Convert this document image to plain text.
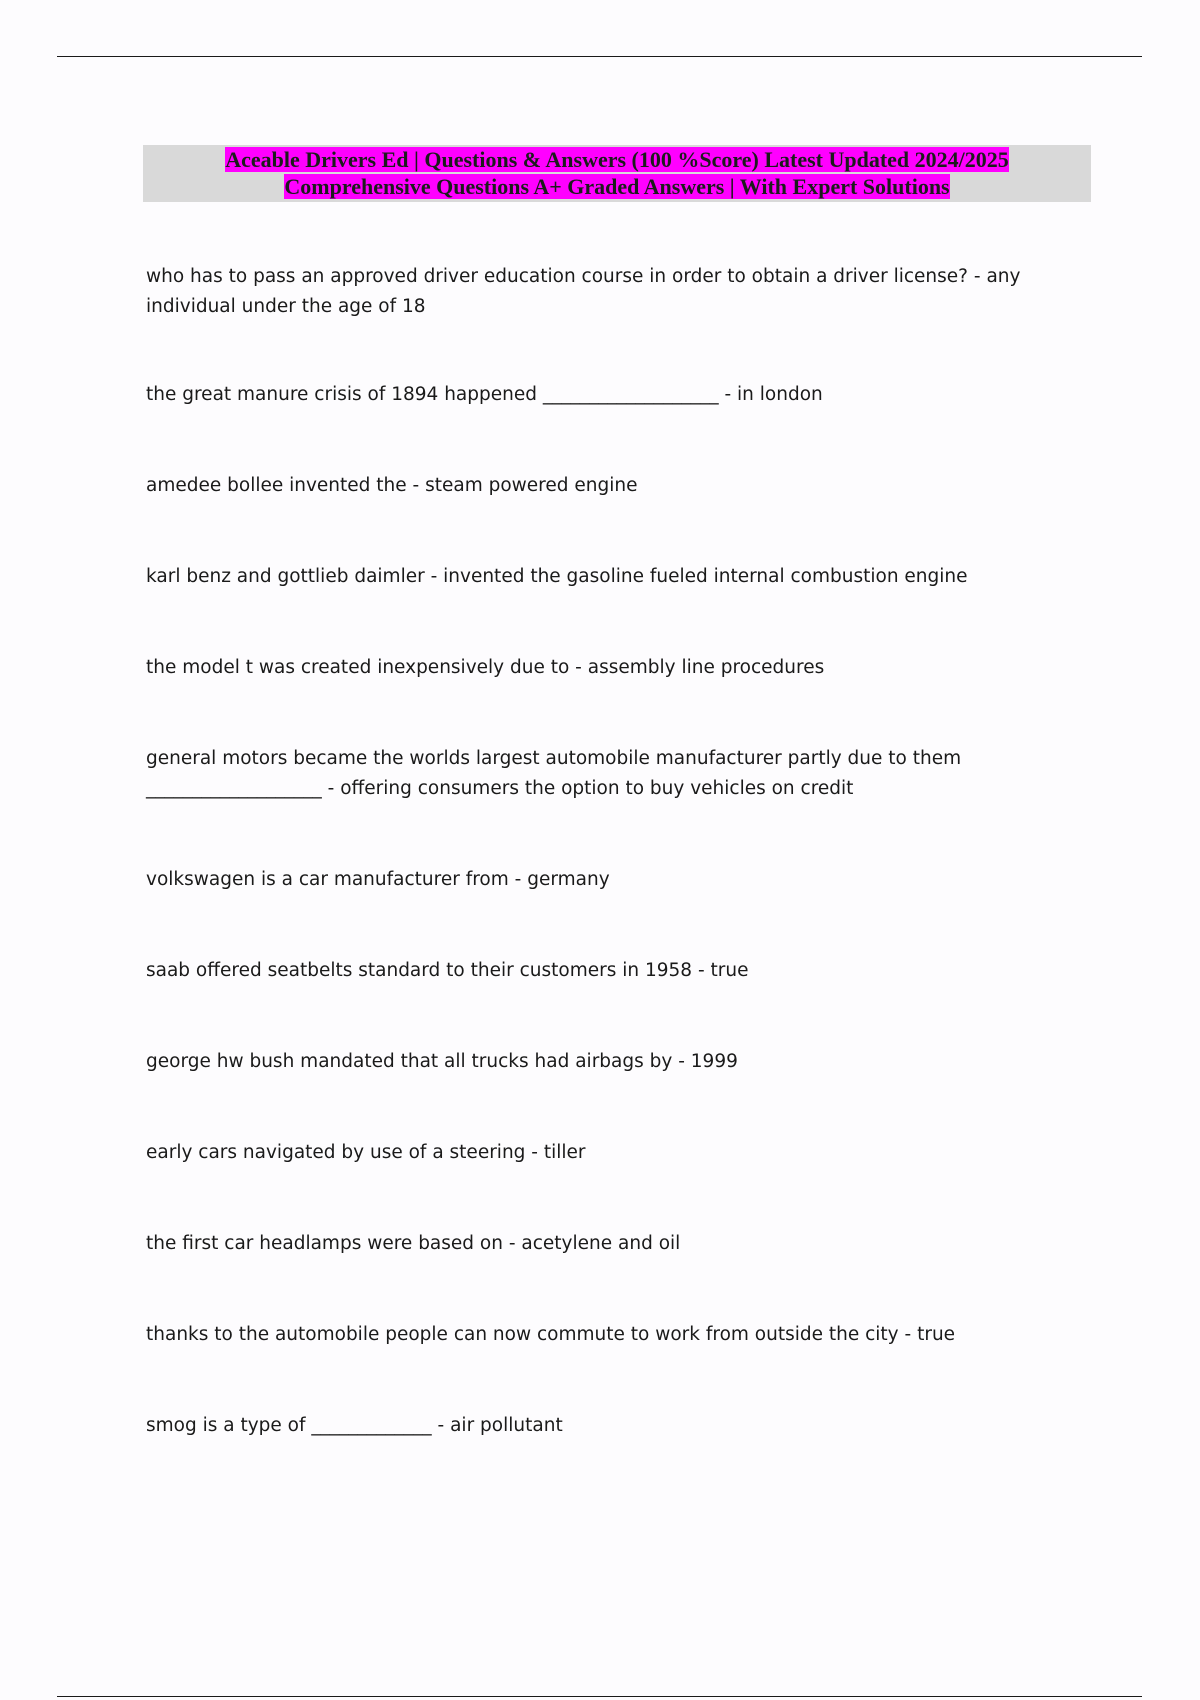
Aceable Drivers Ed | Questions & Answers (100 %Score) Latest Updated 2024/2025
Comprehensive Questions A+ Graded Answers | With Expert Solutions
who has to pass an approved driver education course in order to obtain a driver license? - any individual under the age of 18
the great manure crisis of 1894 happened ___________________ - in london
amedee bollee invented the - steam powered engine
karl benz and gottlieb daimler - invented the gasoline fueled internal combustion engine
the model t was created inexpensively due to - assembly line procedures
general motors became the worlds largest automobile manufacturer partly due to them ___________________ - offering consumers the option to buy vehicles on credit
volkswagen is a car manufacturer from - germany
saab offered seatbelts standard to their customers in 1958 - true
george hw bush mandated that all trucks had airbags by - 1999
early cars navigated by use of a steering - tiller
the first car headlamps were based on - acetylene and oil
thanks to the automobile people can now commute to work from outside the city - true
smog is a type of _____________ - air pollutant
